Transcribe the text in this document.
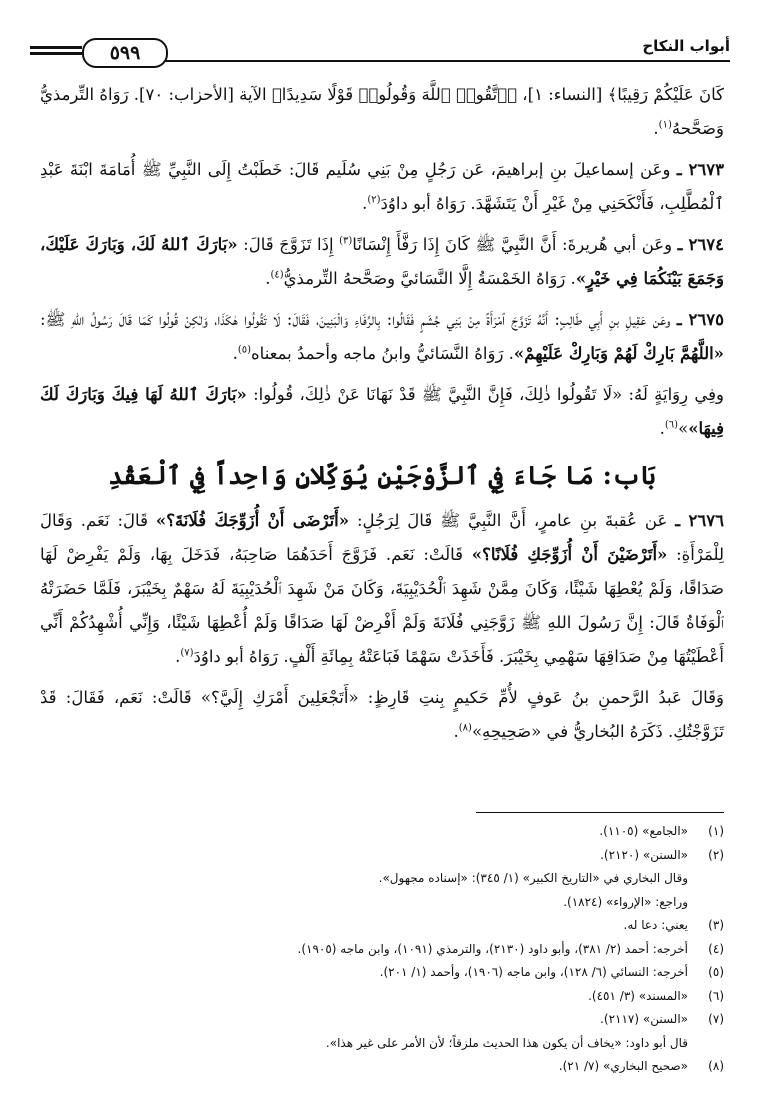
٥٩٩	أبواب النكاح

كَانَ عَلَيْكُمْ رَقِيبًا﴾ [النساء: ١]، ﴿ٱتَّقُوا۟ ٱللَّهَ وَقُولُوا۟ قَوْلًا سَدِيدًا﴾ الآية [الأحزاب: ٧٠]. رَوَاهُ التِّرمذيُّ وَصَحَّحهُ$^{(١)}$.

٢٦٧٣ ـ وعَن إسماعيلَ بنِ إبراهيمَ، عَن رَجُلٍ مِنْ بَنِي سُلَيم قَالَ: خَطَبْتُ إِلَى النَّبِيِّ ﷺ أُمَامَةَ ابْنَةَ عَبْدِ ٱلْمُطَّلِبِ، فَأَنْكَحَنِي مِنْ غَيْرِ أَنْ يَتَشَهَّدَ. رَوَاهُ أبو داوُدَ$^{(٢)}$.

٢٦٧٤ ـ وعَن أبي هُريرةَ: أَنَّ النَّبِيَّ ﷺ كَانَ إِذَا رَفَّأَ إِنْسَانًا$^{(٣)}$ إِذَا تَزَوَّجَ قَالَ: «بَارَكَ ٱللهُ لَكَ، وَبَارَكَ عَلَيْكَ، وَجَمَعَ بَيْنَكُمَا فِي خَيْرٍ». رَوَاهُ الخَمْسَةُ إِلَّا النَّسَائيَّ وصَحَّحهُ التِّرمذيُّ$^{(٤)}$.

٢٦٧٥ ـ وعَن عَقِيلِ بنِ أَبِي طَالِبٍ: أَنَّهُ تَزَوَّجَ ٱمْرَأَةً مِنْ بَنِي جُشَمٍ فَقَالُوا: بِالرِّفَاءِ وَالْبَنِينَ، فَقَالَ: لَا تَقُولُوا هٰكَذَا، وَلٰكِنْ قُولُوا كَمَا قَالَ رَسُولُ اللهِ ﷺ: «اللَّهُمَّ بَارِكْ لَهُمْ وَبَارِكْ عَلَيْهِمْ». رَوَاهُ النَّسَائيُّ وابنُ ماجه وأحمدُ بمعناه$^{(٥)}$.

وفِي رِوَايَةٍ لَهُ: «لَا تَقُولُوا ذٰلِكَ، فَإِنَّ النَّبِيَّ ﷺ قَدْ نَهَانَا عَنْ ذٰلِكَ، قُولُوا: «بَارَكَ ٱللهُ لَهَا فِيكَ وَبَارَكَ لَكَ فِيهَا»»$^{(٦)}$.

بَاب: مَا جَاءَ فِي ٱلزَّوْجَيْنِ يُوَكِّلانِ وَاحِداً فِي ٱلْعَقْدِ

٢٦٧٦ ـ عَن عُقبةَ بنِ عامرٍ، أَنَّ النَّبِيَّ ﷺ قَالَ لِرَجُلٍ: «أَتَرْضَى أَنْ أُزَوِّجَكَ فُلَانَةَ؟» قَالَ: نَعَم. وَقَالَ لِلْمَرْأَةِ: «أَتَرْضَيْنَ أَنْ أُزَوِّجَكِ فُلَانًا؟» قَالَتْ: نَعَم. فَزَوَّجَ أَحَدَهُمَا صَاحِبَهُ، فَدَخَلَ بِهَا، وَلَمْ يَفْرِضْ لَهَا صَدَاقًا، وَلَمْ يُعْطِهَا شَيْئًا، وَكَانَ مِمَّنْ شَهِدَ ٱلْحُدَيْبِيَةَ، وَكَانَ مَنْ شَهِدَ ٱلْحُدَيْبِيَةَ لَهُ سَهْمٌ بِخَيْبَرَ، فَلَمَّا حَضَرَتْهُ ٱلْوَفَاةُ قَالَ: إِنَّ رَسُولَ اللهِ ﷺ زَوَّجَنِي فُلَانَةَ وَلَمْ أَفْرِضْ لَهَا صَدَاقًا وَلَمْ أُعْطِهَا شَيْئًا، وَإِنِّي أُشْهِدُكُمْ أَنِّي أَعْطَيْتُهَا مِنْ صَدَاقِهَا سَهْمِي بِخَيْبَرَ. فَأَخَذَتْ سَهْمًا فَبَاعَتْهُ بِمِائَةِ أَلْفٍ. رَوَاهُ أبو داوُدَ$^{(٧)}$.

وَقَالَ عَبدُ الرَّحمنِ بنُ عَوفٍ لأُمِّ حَكيمٍ بِنتِ قَارِظٍ: «أَتَجْعَلِينَ أَمْرَكِ إِلَيَّ؟» قَالَتْ: نَعَم، فَقَالَ: قَدْ تَزَوَّجْتُكِ. ذَكَرَهُ البُخاريُّ في «صَحِيحِهِ»$^{(٨)}$.

(١)
«الجامع» (١١٠٥).
(٢)
«السنن» (٢١٢٠).
وقال البخاري في «التاريخ الكبير» (١/ ٣٤٥): «إسناده مجهول».
وراجع: «الإرواء» (١٨٢٤).
(٣)
يعني: دعا له.
(٤)
أخرجه: أحمد (٢/ ٣٨١)، وأبو داود (٢١٣٠)، والترمذي (١٠٩١)، وابن ماجه (١٩٠٥).
(٥)
أخرجه: النسائي (٦/ ١٢٨)، وابن ماجه (١٩٠٦)، وأحمد (١/ ٢٠١).
(٦)
«المسند» (٣/ ٤٥١).
(٧)
«السنن» (٢١١٧).
قال أبو داود: «يخاف أن يكون هذا الحديث ملزقاً؛ لأن الأمر على غير هذا».
(٨)
«صحيح البخاري» (٧/ ٢١).
